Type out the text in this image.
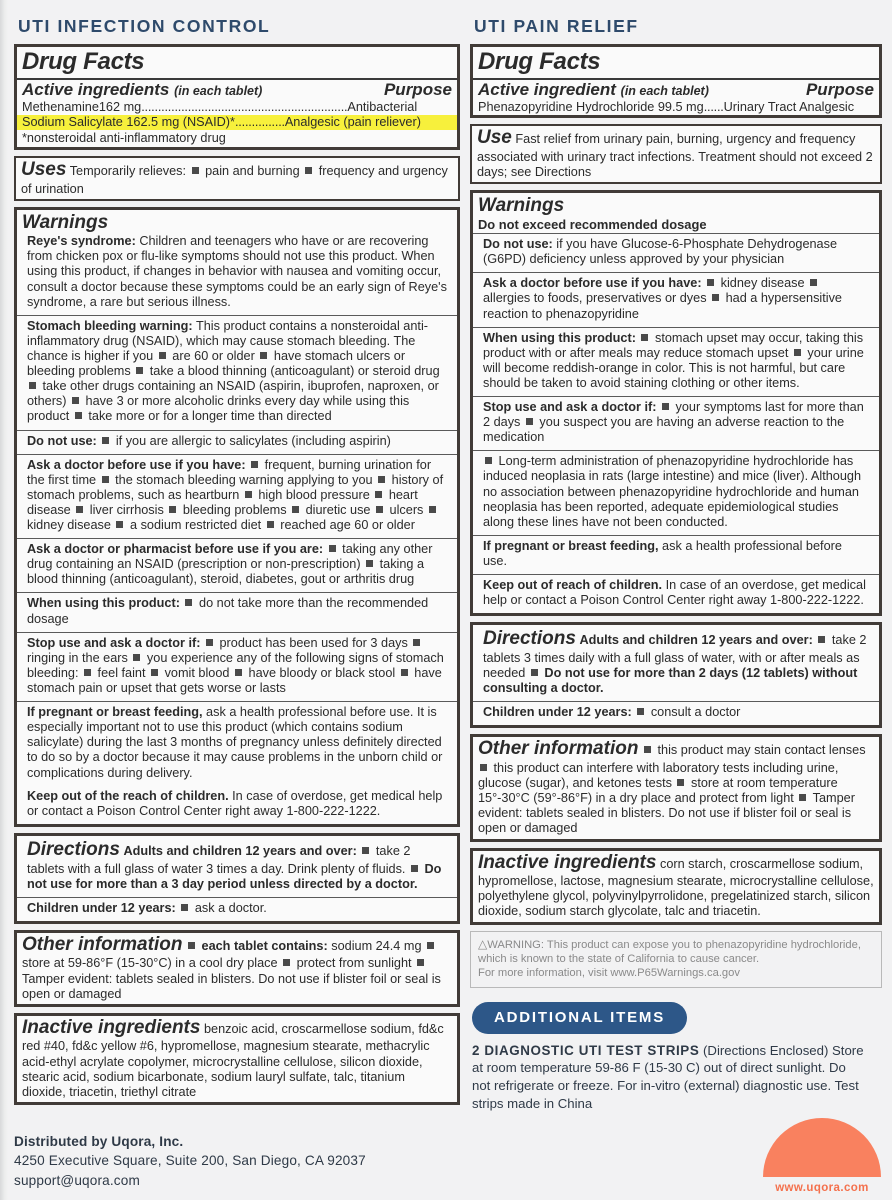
UTI INFECTION CONTROL
Drug Facts
Active ingredients (in each tablet)	Purpose
Methenamine162 mg..............................................................Antibacterial
Sodium Salicylate 162.5 mg (NSAID)*...............Analgesic (pain reliever)
*nonsteroidal anti-inflammatory drug

Uses Temporarily relieves:  pain and burning  frequency and urgency of urination

Warnings

Reye's syndrome: Children and teenagers who have or are recovering from chicken pox or flu-like symptoms should not use this product. When using this product, if changes in behavior with nausea and vomiting occur, consult a doctor because these symptoms could be an early sign of Reye's syndrome, a rare but serious illness.

Stomach bleeding warning: This product contains a nonsteroidal anti-inflammatory drug (NSAID), which may cause stomach bleeding. The chance is higher if you  are 60 or older  have stomach ulcers or bleeding problems  take a blood thinning (anticoagulant) or steroid drug  take other drugs containing an NSAID (aspirin, ibuprofen, naproxen, or others)  have 3 or more alcoholic drinks every day while using this product  take more or for a longer time than directed

Do not use:  if you are allergic to salicylates (including aspirin)

Ask a doctor before use if you have:  frequent, burning urination for the first time  the stomach bleeding warning applying to you  history of stomach problems, such as heartburn  high blood pressure  heart disease  liver cirrhosis  bleeding problems  diuretic use  ulcers  kidney disease  a sodium restricted diet  reached age 60 or older

Ask a doctor or pharmacist before use if you are:  taking any other drug containing an NSAID (prescription or non-prescription)  taking a blood thinning (anticoagulant), steroid, diabetes, gout or arthritis drug

When using this product:  do not take more than the recommended dosage

Stop use and ask a doctor if:  product has been used for 3 days  ringing in the ears  you experience any of the following signs of stomach bleeding:  feel faint  vomit blood  have bloody or black stool  have stomach pain or upset that gets worse or lasts

If pregnant or breast feeding, ask a health professional before use. It is especially important not to use this product (which contains sodium salicylate) during the last 3 months of pregnancy unless definitely directed to do so by a doctor because it may cause problems in the unborn child or complications during delivery.

Keep out of the reach of children. In case of overdose, get medical help or contact a Poison Control Center right away 1-800-222-1222.

Directions Adults and children 12 years and over:  take 2 tablets with a full glass of water 3 times a day. Drink plenty of fluids.  Do not use for more than a 3 day period unless directed by a doctor.

Children under 12 years:  ask a doctor.

Other information  each tablet contains: sodium 24.4 mg  store at 59-86°F (15-30°C) in a cool dry place  protect from sunlight  Tamper evident: tablets sealed in blisters. Do not use if blister foil or seal is open or damaged

Inactive ingredients benzoic acid, croscarmellose sodium, fd&c red #40, fd&c yellow #6, hypromellose, magnesium stearate, methacrylic acid-ethyl acrylate copolymer, microcrystalline cellulose, silicon dioxide, stearic acid, sodium bicarbonate, sodium lauryl sulfate, talc, titanium dioxide, triacetin, triethyl citrate

Distributed by Uqora, Inc.
4250 Executive Square, Suite 200, San Diego, CA 92037
support@uqora.com
UTI PAIN RELIEF
Drug Facts
Active ingredient (in each tablet)	Purpose
Phenazopyridine Hydrochloride 99.5 mg......Urinary Tract Analgesic

Use Fast relief from urinary pain, burning, urgency and frequency associated with urinary tract infections. Treatment should not exceed 2 days; see Directions

Warnings
Do not exceed recommended dosage

Do not use: if you have Glucose-6-Phosphate Dehydrogenase (G6PD) deficiency unless approved by your physician

Ask a doctor before use if you have:  kidney disease  allergies to foods, preservatives or dyes  had a hypersensitive reaction to phenazopyridine

When using this product:  stomach upset may occur, taking this product with or after meals may reduce stomach upset  your urine will become reddish-orange in color. This is not harmful, but care should be taken to avoid staining clothing or other items.

Stop use and ask a doctor if:  your symptoms last for more than 2 days  you suspect you are having an adverse reaction to the medication

Long-term administration of phenazopyridine hydrochloride has induced neoplasia in rats (large intestine) and mice (liver). Although no association between phenazopyridine hydrochloride and human neoplasia has been reported, adequate epidemiological studies along these lines have not been conducted.

If pregnant or breast feeding, ask a health professional before use.

Keep out of reach of children. In case of an overdose, get medical help or contact a Poison Control Center right away 1-800-222-1222.

Directions Adults and children 12 years and over:  take 2 tablets 3 times daily with a full glass of water, with or after meals as needed  Do not use for more than 2 days (12 tablets) without consulting a doctor.

Children under 12 years:  consult a doctor

Other information  this product may stain contact lenses  this product can interfere with laboratory tests including urine, glucose (sugar), and ketones tests  store at room temperature 15°-30°C (59°-86°F) in a dry place and protect from light  Tamper evident: tablets sealed in blisters. Do not use if blister foil or seal is open or damaged

Inactive ingredients corn starch, croscarmellose sodium, hypromellose, lactose, magnesium stearate, microcrystalline cellulose, polyethylene glycol, polyvinylpyrrolidone, pregelatinized starch, silicon dioxide, sodium starch glycolate, talc and triacetin.

△WARNING: This product can expose you to phenazopyridine hydrochloride,
which is known to the state of California to cause cancer.
For more information, visit www.P65Warnings.ca.gov
ADDITIONAL ITEMS
2 DIAGNOSTIC UTI TEST STRIPS (Directions Enclosed) Store at room temperature 59-86 F (15-30 C) out of direct sunlight. Do not refrigerate or freeze. For in-vitro (external) diagnostic use. Test strips made in China
www.uqora.com
